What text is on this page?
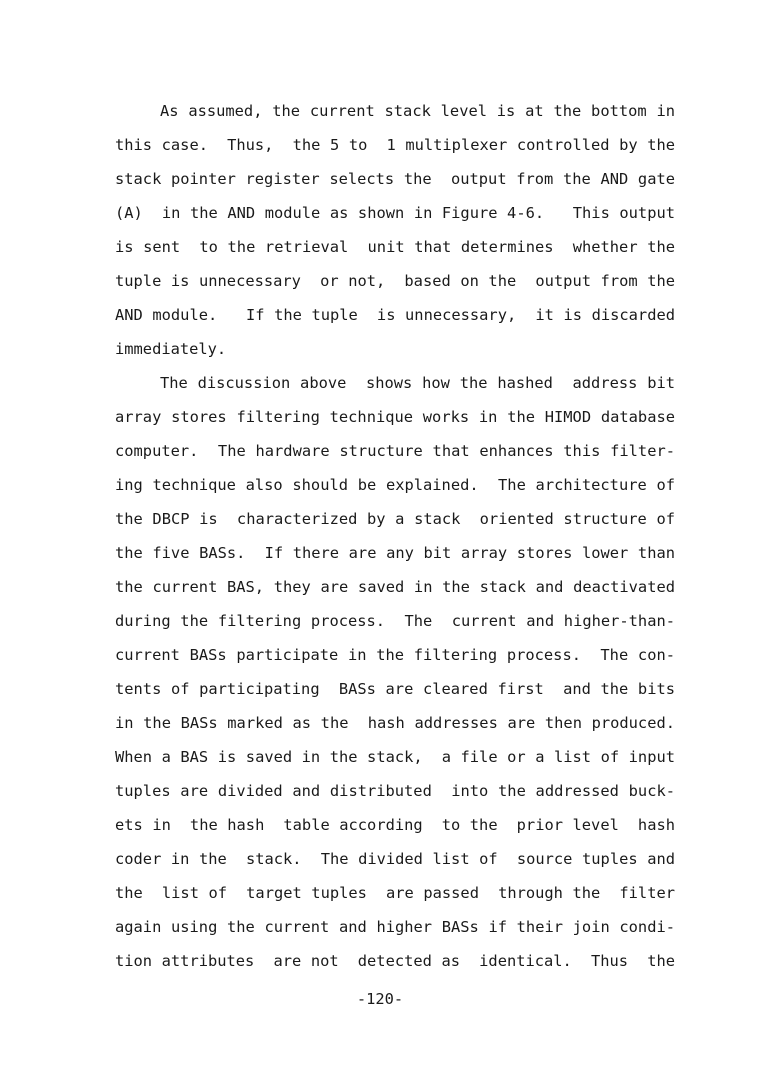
As assumed, the current stack level is at the bottom in
this case.  Thus,  the 5 to  1 multiplexer controlled by the
stack pointer register selects the  output from the AND gate
(A)  in the AND module as shown in Figure 4-6.   This output
is sent  to the retrieval  unit that determines  whether the
tuple is unnecessary  or not,  based on the  output from the
AND module.   If the tuple  is unnecessary,  it is discarded
immediately.
The discussion above  shows how the hashed  address bit
array stores filtering technique works in the HIMOD database
computer.  The hardware structure that enhances this filter-
ing technique also should be explained.  The architecture of
the DBCP is  characterized by a stack  oriented structure of
the five BASs.  If there are any bit array stores lower than
the current BAS, they are saved in the stack and deactivated
during the filtering process.  The  current and higher-than-
current BASs participate in the filtering process.  The con-
tents of participating  BASs are cleared first  and the bits
in the BASs marked as the  hash addresses are then produced.
When a BAS is saved in the stack,  a file or a list of input
tuples are divided and distributed  into the addressed buck-
ets in  the hash  table according  to the  prior level  hash
coder in the  stack.  The divided list of  source tuples and
the  list of  target tuples  are passed  through the  filter
again using the current and higher BASs if their join condi-
tion attributes  are not  detected as  identical.  Thus  the
-120-
